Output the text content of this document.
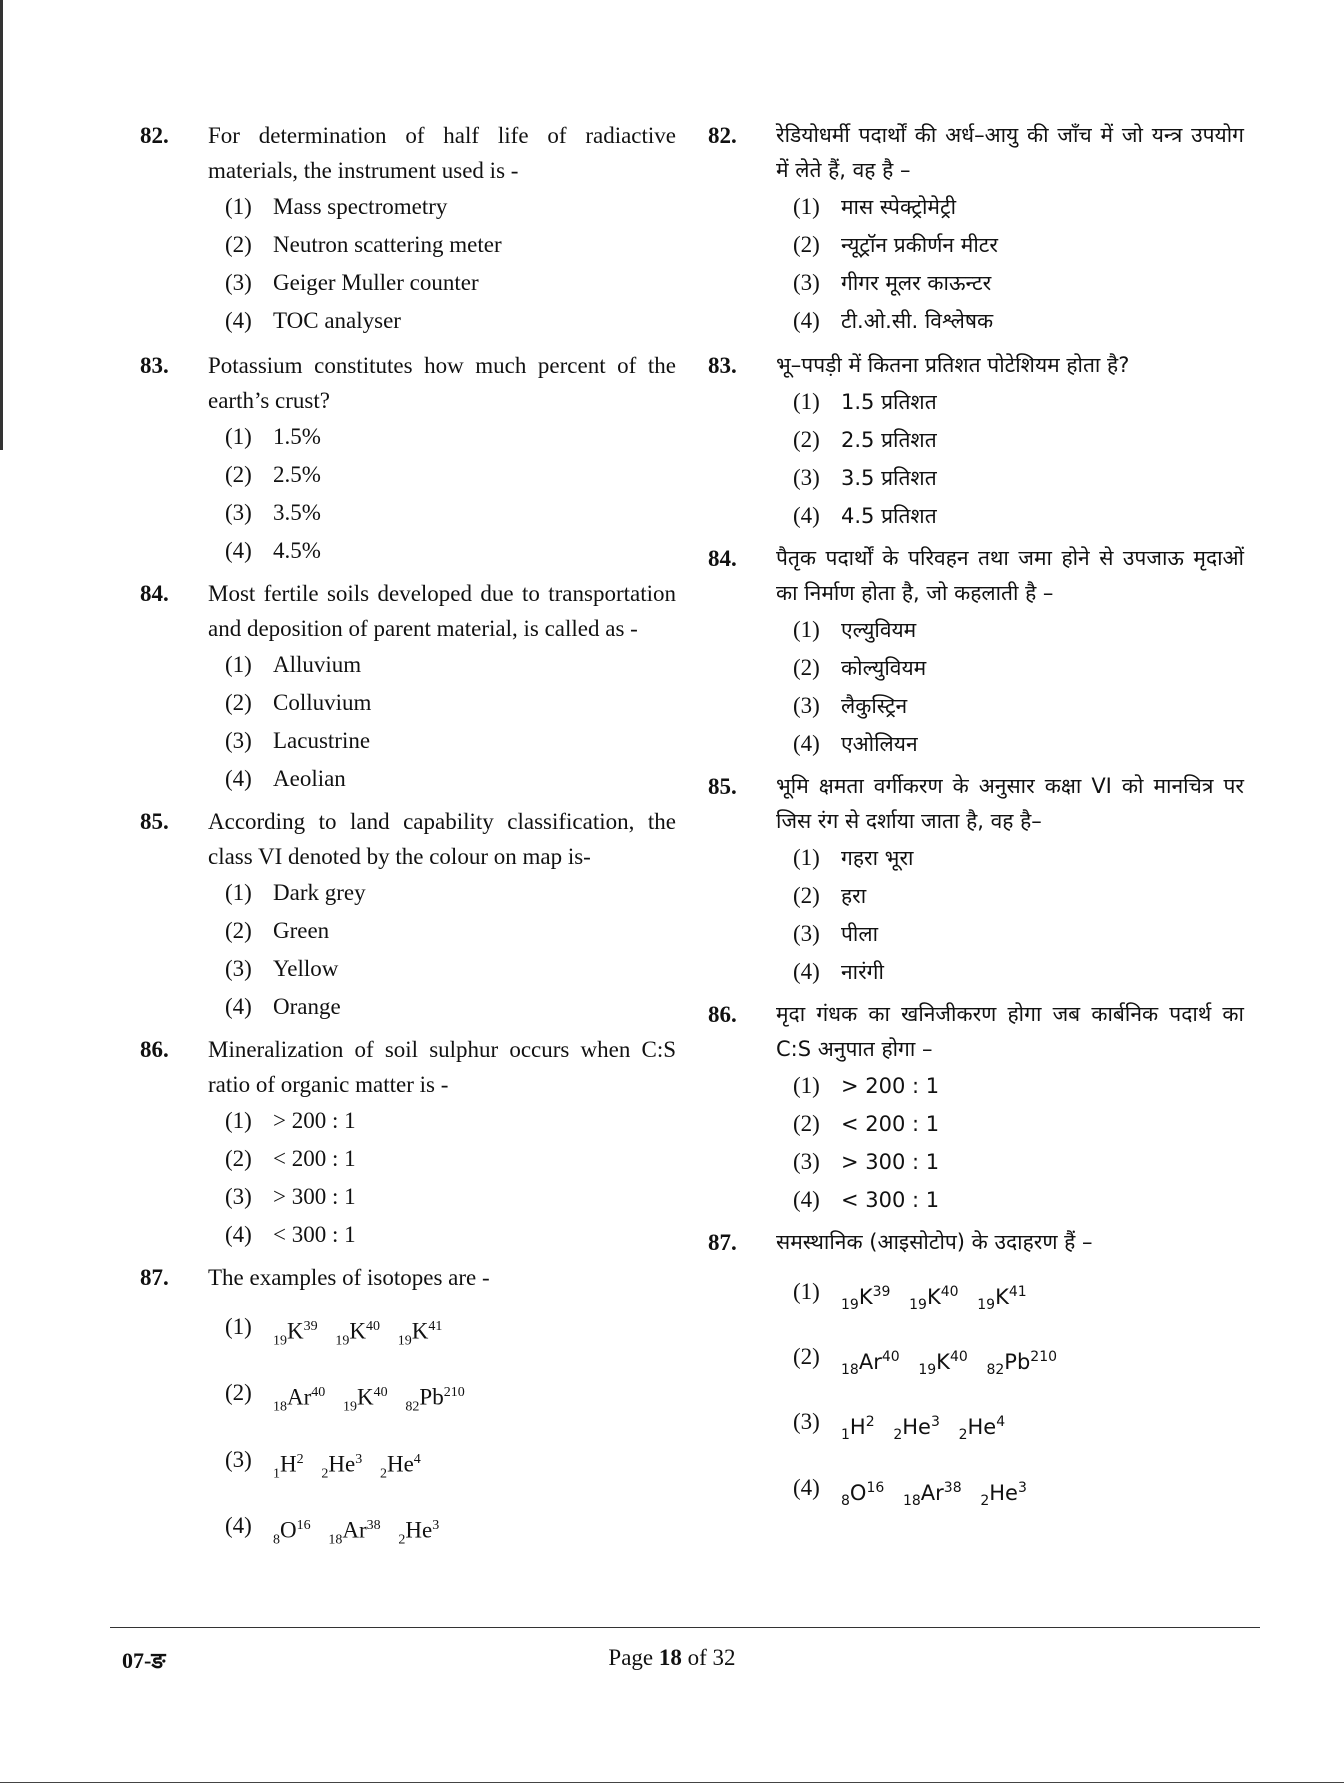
82.	For determination of half life of radiactive materials, the instrument used is -
(1) Mass spectrometry
(2) Neutron scattering meter
(3) Geiger Muller counter
(4) TOC analyser
83.	Potassium constitutes how much percent of the earth’s crust?
(1) 1.5%
(2) 2.5%
(3) 3.5%
(4) 4.5%
84.	Most fertile soils developed due to transportation and deposition of parent material, is called as -
(1) Alluvium
(2) Colluvium
(3) Lacustrine
(4) Aeolian
85.	According to land capability classification, the class VI denoted by the colour on map is-
(1) Dark grey
(2) Green
(3) Yellow
(4) Orange
86.	Mineralization of soil sulphur occurs when C:S ratio of organic matter is -
(1) > 200 : 1
(2) < 200 : 1
(3) > 300 : 1
(4) < 300 : 1
87.	The examples of isotopes are -
(1)
$_{19}K^{39}$ $_{19}K^{40}$ $_{19}K^{41}$
(2)
$_{18}Ar^{40}$ $_{19}K^{40}$ $_{82}Pb^{210}$
(3)
$_1H^2$ $_2He^3$ $_2He^4$
(4)
$_8O^{16}$ $_{18}Ar^{38}$ $_2He^3$
82.	रेडियोधर्मी पदार्थों की अर्ध–आयु की जाँच में जो यन्त्र उपयोग में लेते हैं, वह है –
(1)	मास स्पेक्ट्रोमेट्री
(2)	न्यूट्रॉन प्रकीर्णन मीटर
(3)	गीगर मूलर काऊन्टर
(4)	टी.ओ.सी. विश्लेषक
83.	भू–पपड़ी में कितना प्रतिशत पोटेशियम होता है?
(1)	1.5 प्रतिशत
(2)	2.5 प्रतिशत
(3)	3.5 प्रतिशत
(4)	4.5 प्रतिशत
84.	पैतृक पदार्थों के परिवहन तथा जमा होने से उपजाऊ मृदाओं का निर्माण होता है, जो कहलाती है –
(1)	एल्युवियम
(2)	कोल्युवियम
(3)	लैकुस्ट्रिन
(4)	एओलियन
85.	भूमि क्षमता वर्गीकरण के अनुसार कक्षा VI को मानचित्र पर जिस रंग से दर्शाया जाता है, वह है–
(1)	गहरा भूरा
(2)	हरा
(3)	पीला
(4)	नारंगी
86.	मृदा गंधक का खनिजीकरण होगा जब कार्बनिक पदार्थ का C:S अनुपात होगा –
(1)	> 200 : 1
(2)	< 200 : 1
(3)	> 300 : 1
(4)	< 300 : 1
87.	समस्थानिक (आइसोटोप) के उदाहरण हैं –
(1)
$_{19}K^{39}$ $_{19}K^{40}$ $_{19}K^{41}$
(2)
$_{18}Ar^{40}$ $_{19}K^{40}$ $_{82}Pb^{210}$
(3)
$_1H^2$ $_2He^3$ $_2He^4$
(4)
$_8O^{16}$ $_{18}Ar^{38}$ $_2He^3$
07-ङ	Page 18 of 32
